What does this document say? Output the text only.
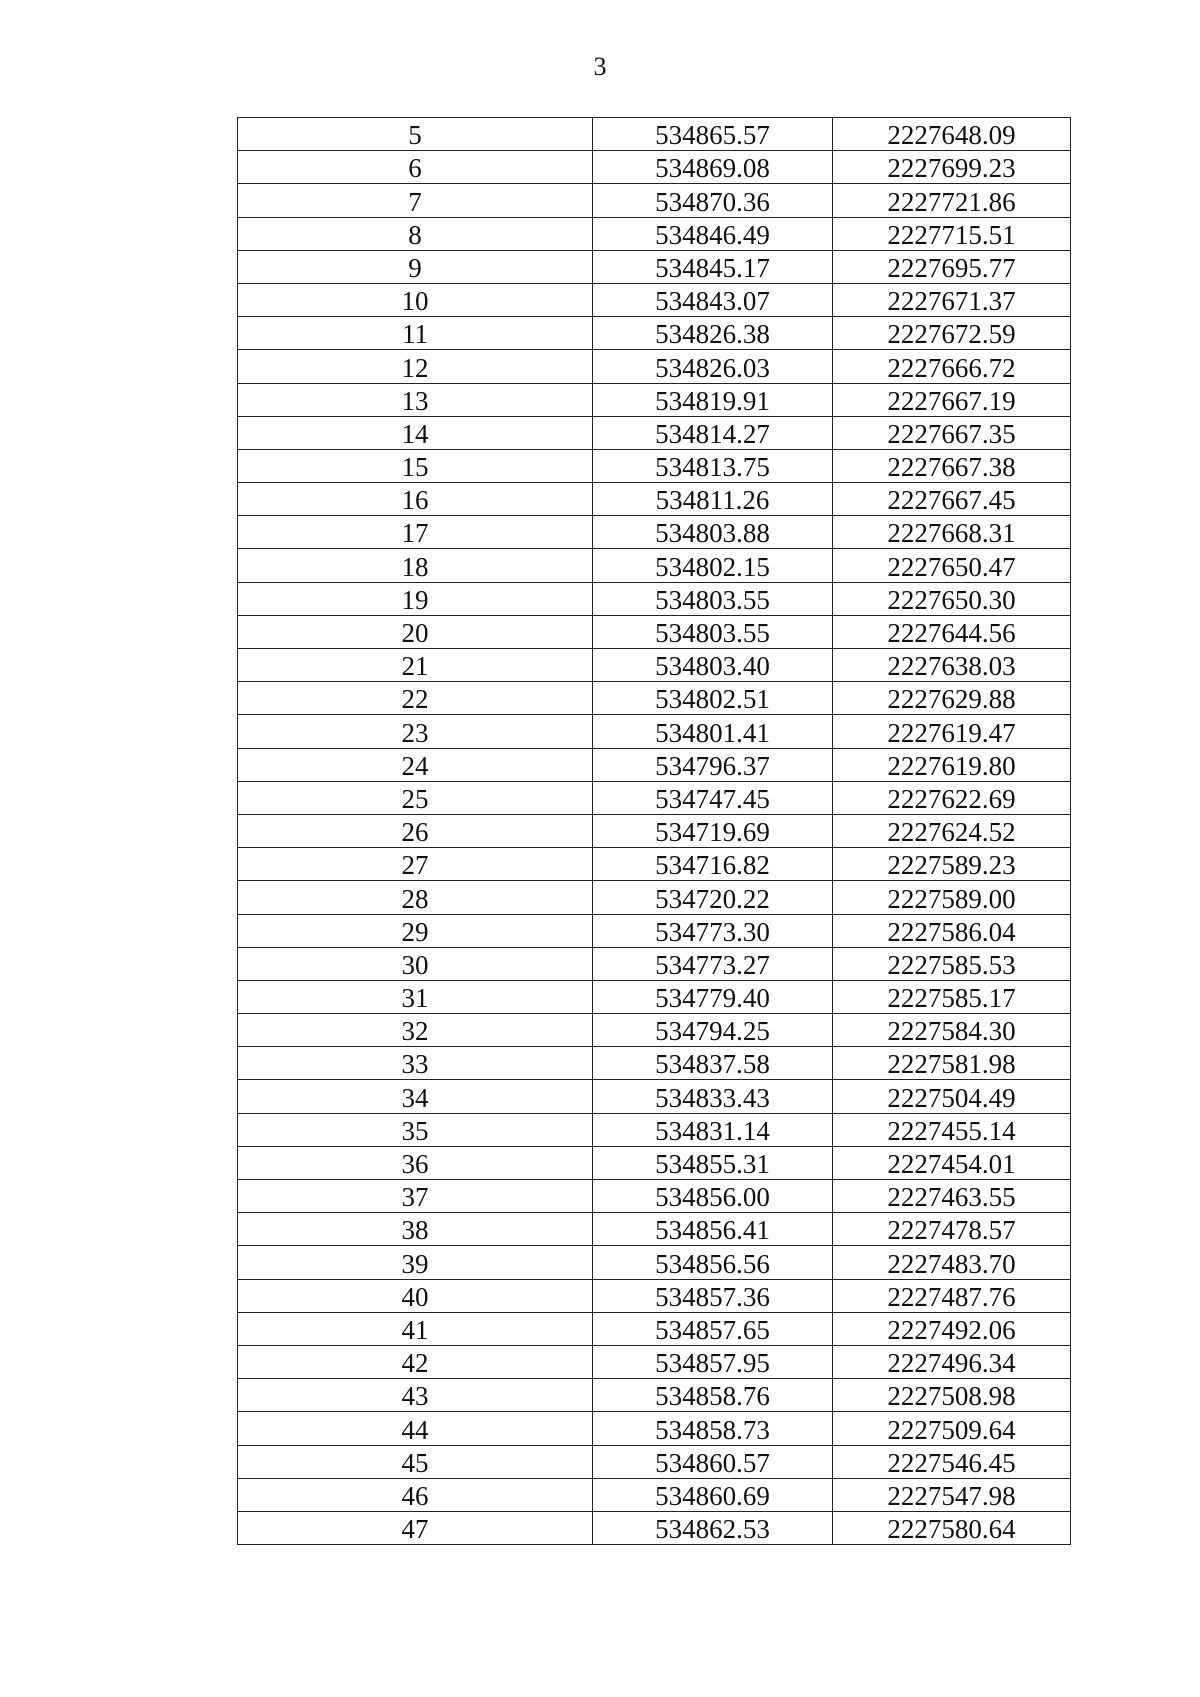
3
5	534865.57	2227648.09
6	534869.08	2227699.23
7	534870.36	2227721.86
8	534846.49	2227715.51
9	534845.17	2227695.77
10	534843.07	2227671.37
11	534826.38	2227672.59
12	534826.03	2227666.72
13	534819.91	2227667.19
14	534814.27	2227667.35
15	534813.75	2227667.38
16	534811.26	2227667.45
17	534803.88	2227668.31
18	534802.15	2227650.47
19	534803.55	2227650.30
20	534803.55	2227644.56
21	534803.40	2227638.03
22	534802.51	2227629.88
23	534801.41	2227619.47
24	534796.37	2227619.80
25	534747.45	2227622.69
26	534719.69	2227624.52
27	534716.82	2227589.23
28	534720.22	2227589.00
29	534773.30	2227586.04
30	534773.27	2227585.53
31	534779.40	2227585.17
32	534794.25	2227584.30
33	534837.58	2227581.98
34	534833.43	2227504.49
35	534831.14	2227455.14
36	534855.31	2227454.01
37	534856.00	2227463.55
38	534856.41	2227478.57
39	534856.56	2227483.70
40	534857.36	2227487.76
41	534857.65	2227492.06
42	534857.95	2227496.34
43	534858.76	2227508.98
44	534858.73	2227509.64
45	534860.57	2227546.45
46	534860.69	2227547.98
47	534862.53	2227580.64
